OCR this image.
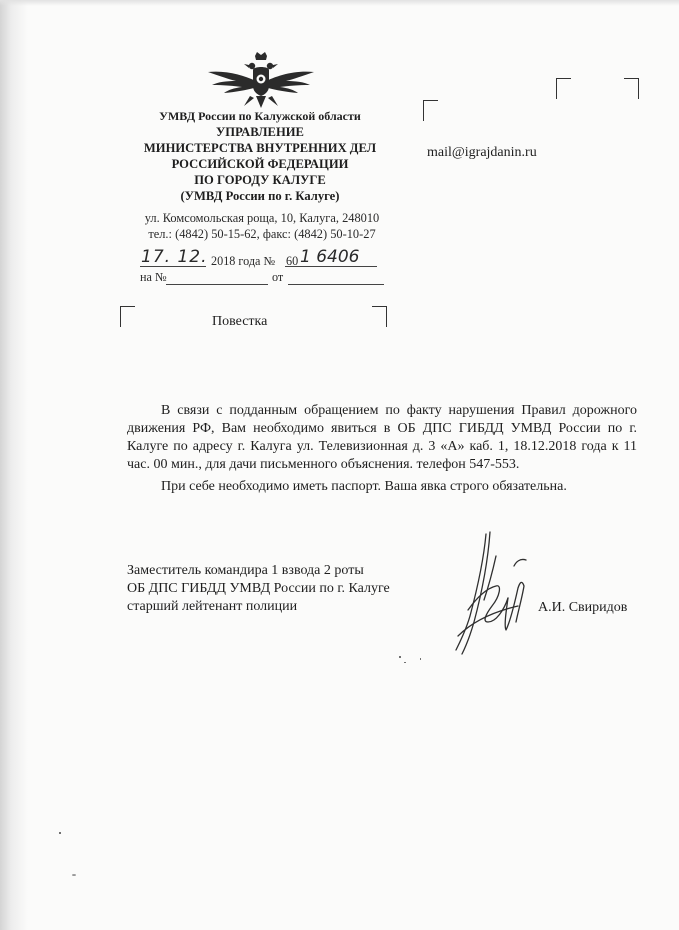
УМВД России по Калужской области
УПРАВЛЕНИЕ
МИНИСТЕРСТВА ВНУТРЕННИХ ДЕЛ
РОССИЙСКОЙ ФЕДЕРАЦИИ
ПО ГОРОДУ КАЛУГЕ
(УМВД России по г. Калуге)
ул. Комсомольская роща, 10, Калуга, 248010
тел.: (4842) 50-15-62, факс: (4842) 50-10-27
17. 12. 2018 года № 60 1 6406
на №	от
mail@igrajdanin.ru
Повестка

В связи с подданным обращением по факту нарушения Правил дорожного движения РФ, Вам необходимо явиться в ОБ ДПС ГИБДД УМВД России по г. Калуге по адресу г. Калуга ул. Телевизионная д. 3 «А» каб. 1, 18.12.2018 года к 11 час. 00 мин., для дачи письменного объяснения. телефон 547-553.

При себе необходимо иметь паспорт. Ваша явка строго обязательна.

Заместитель командира 1 взвода 2 роты
ОБ ДПС ГИБДД УМВД России по г. Калуге
старший лейтенант полиции	А.И. Свиридов
